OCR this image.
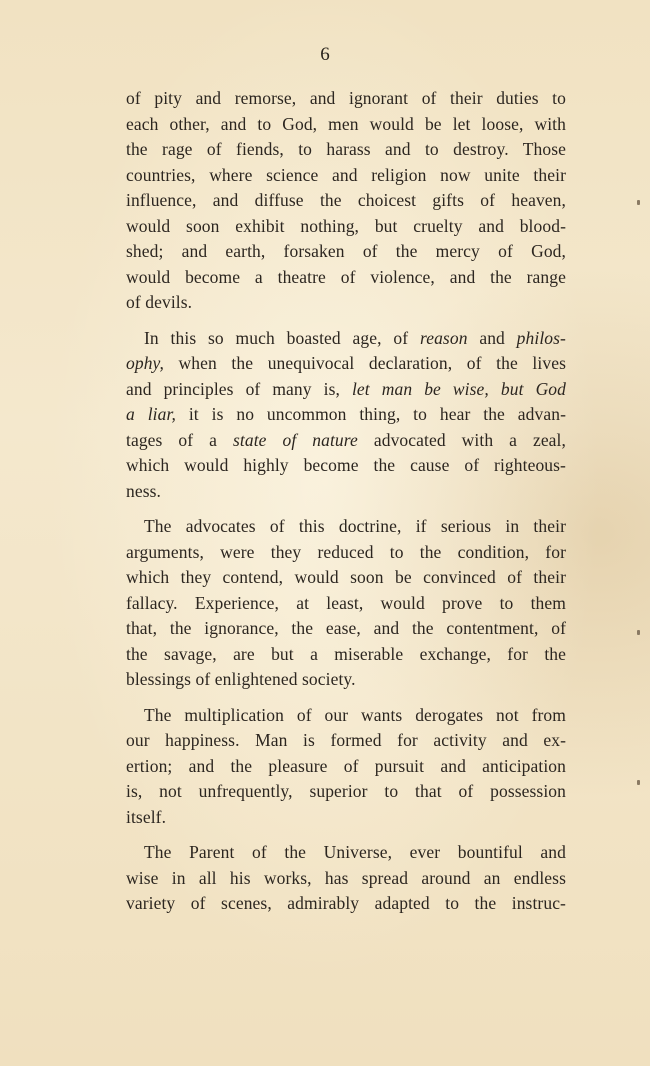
6
of pity and remorse, and ignorant of their duties to
each other, and to God, men would be let loose, with
the rage of fiends, to harass and to destroy. Those
countries, where science and religion now unite their
influence, and diffuse the choicest gifts of heaven,
would soon exhibit nothing, but cruelty and blood-
shed; and earth, forsaken of the mercy of God,
would become a theatre of violence, and the range
of devils.
In this so much boasted age, of reason and philos-
ophy, when the unequivocal declaration, of the lives
and principles of many is, let man be wise, but God
a liar, it is no uncommon thing, to hear the advan-
tages of a state of nature advocated with a zeal,
which would highly become the cause of righteous-
ness.
The advocates of this doctrine, if serious in their
arguments, were they reduced to the condition, for
which they contend, would soon be convinced of their
fallacy. Experience, at least, would prove to them
that, the ignorance, the ease, and the contentment, of
the savage, are but a miserable exchange, for the
blessings of enlightened society.
The multiplication of our wants derogates not from
our happiness. Man is formed for activity and ex-
ertion; and the pleasure of pursuit and anticipation
is, not unfrequently, superior to that of possession
itself.
The Parent of the Universe, ever bountiful and
wise in all his works, has spread around an endless
variety of scenes, admirably adapted to the instruc-
